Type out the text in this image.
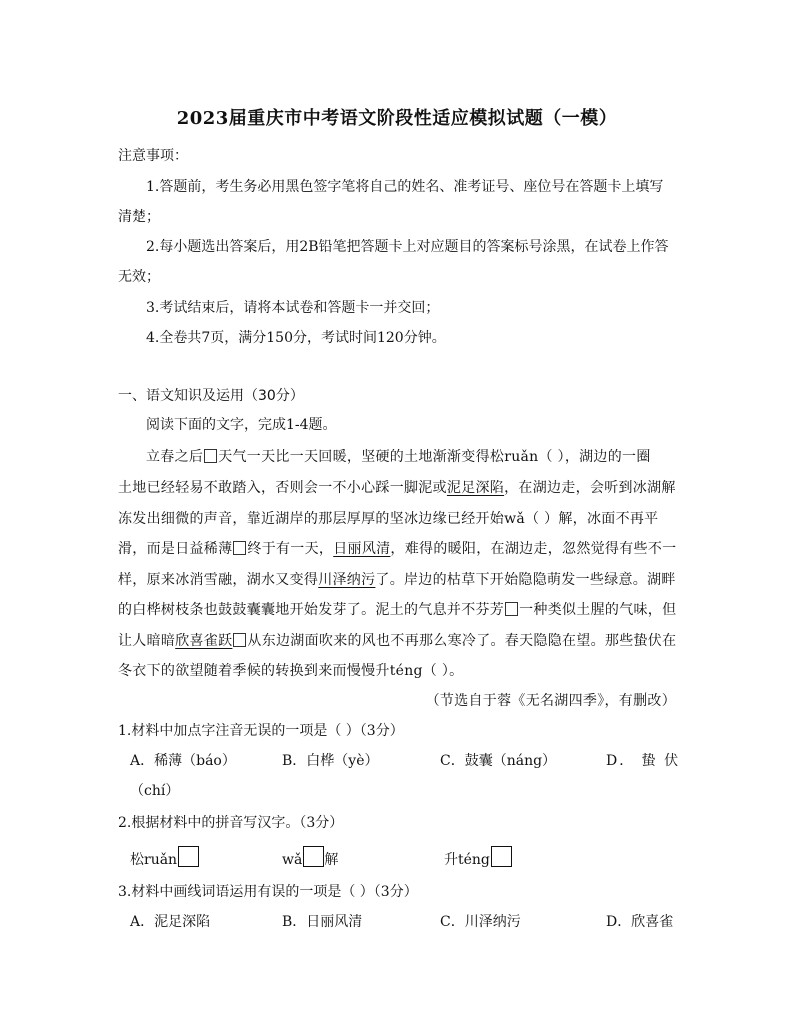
2023届重庆市中考语文阶段性适应模拟试题（一模）
注意事项：
1.答题前，考生务必用黑色签字笔将自己的姓名、准考证号、座位号在答题卡上填写
清楚；
2.每小题选出答案后，用2B铅笔把答题卡上对应题目的答案标号涂黑，在试卷上作答
无效；
3.考试结束后，请将本试卷和答题卡一并交回；
4.全卷共7页，满分150分，考试时间120分钟。
一、语文知识及运用（30分）
阅读下面的文字，完成1-4题。
立春之后 天气一天比一天回暖，坚硬的土地渐渐变得松ruǎn（ ），湖边的一圈
土地已经轻易不敢踏入，否则会一不小心踩一脚泥或泥足深陷，在湖边走，会听到冰湖解
冻发出细微的声音，靠近湖岸的那层厚厚的坚冰边缘已经开始wǎ（ ）解，冰面不再平
滑，而是日益稀薄 终于有一天，日丽风清，难得的暖阳，在湖边走，忽然觉得有些不一
样，原来冰消雪融，湖水又变得川泽纳污了。岸边的枯草下开始隐隐萌发一些绿意。湖畔
的白桦树枝条也鼓鼓囊囊地开始发芽了。泥土的气息并不芬芳 一种类似土腥的气味，但
让人暗暗欣喜雀跃 从东边湖面吹来的风也不再那么寒冷了。春天隐隐在望。那些蛰伏在
冬衣下的欲望随着季候的转换到来而慢慢升téng（ ）。
（节选自于蓉《无名湖四季》，有删改）
1.材料中加点字注音无误的一项是（ ）（3分）
A．稀薄（báo）	B．白桦（yè）	C．鼓囊（náng）	D． 蛰 伏
（chí）
2.根据材料中的拼音写汉字。（3分）
松ruǎn	wǎ 解	升téng
3.材料中画线词语运用有误的一项是（ ）（3分）
A．泥足深陷	B．日丽风清	C．川泽纳污	D．欣喜雀
